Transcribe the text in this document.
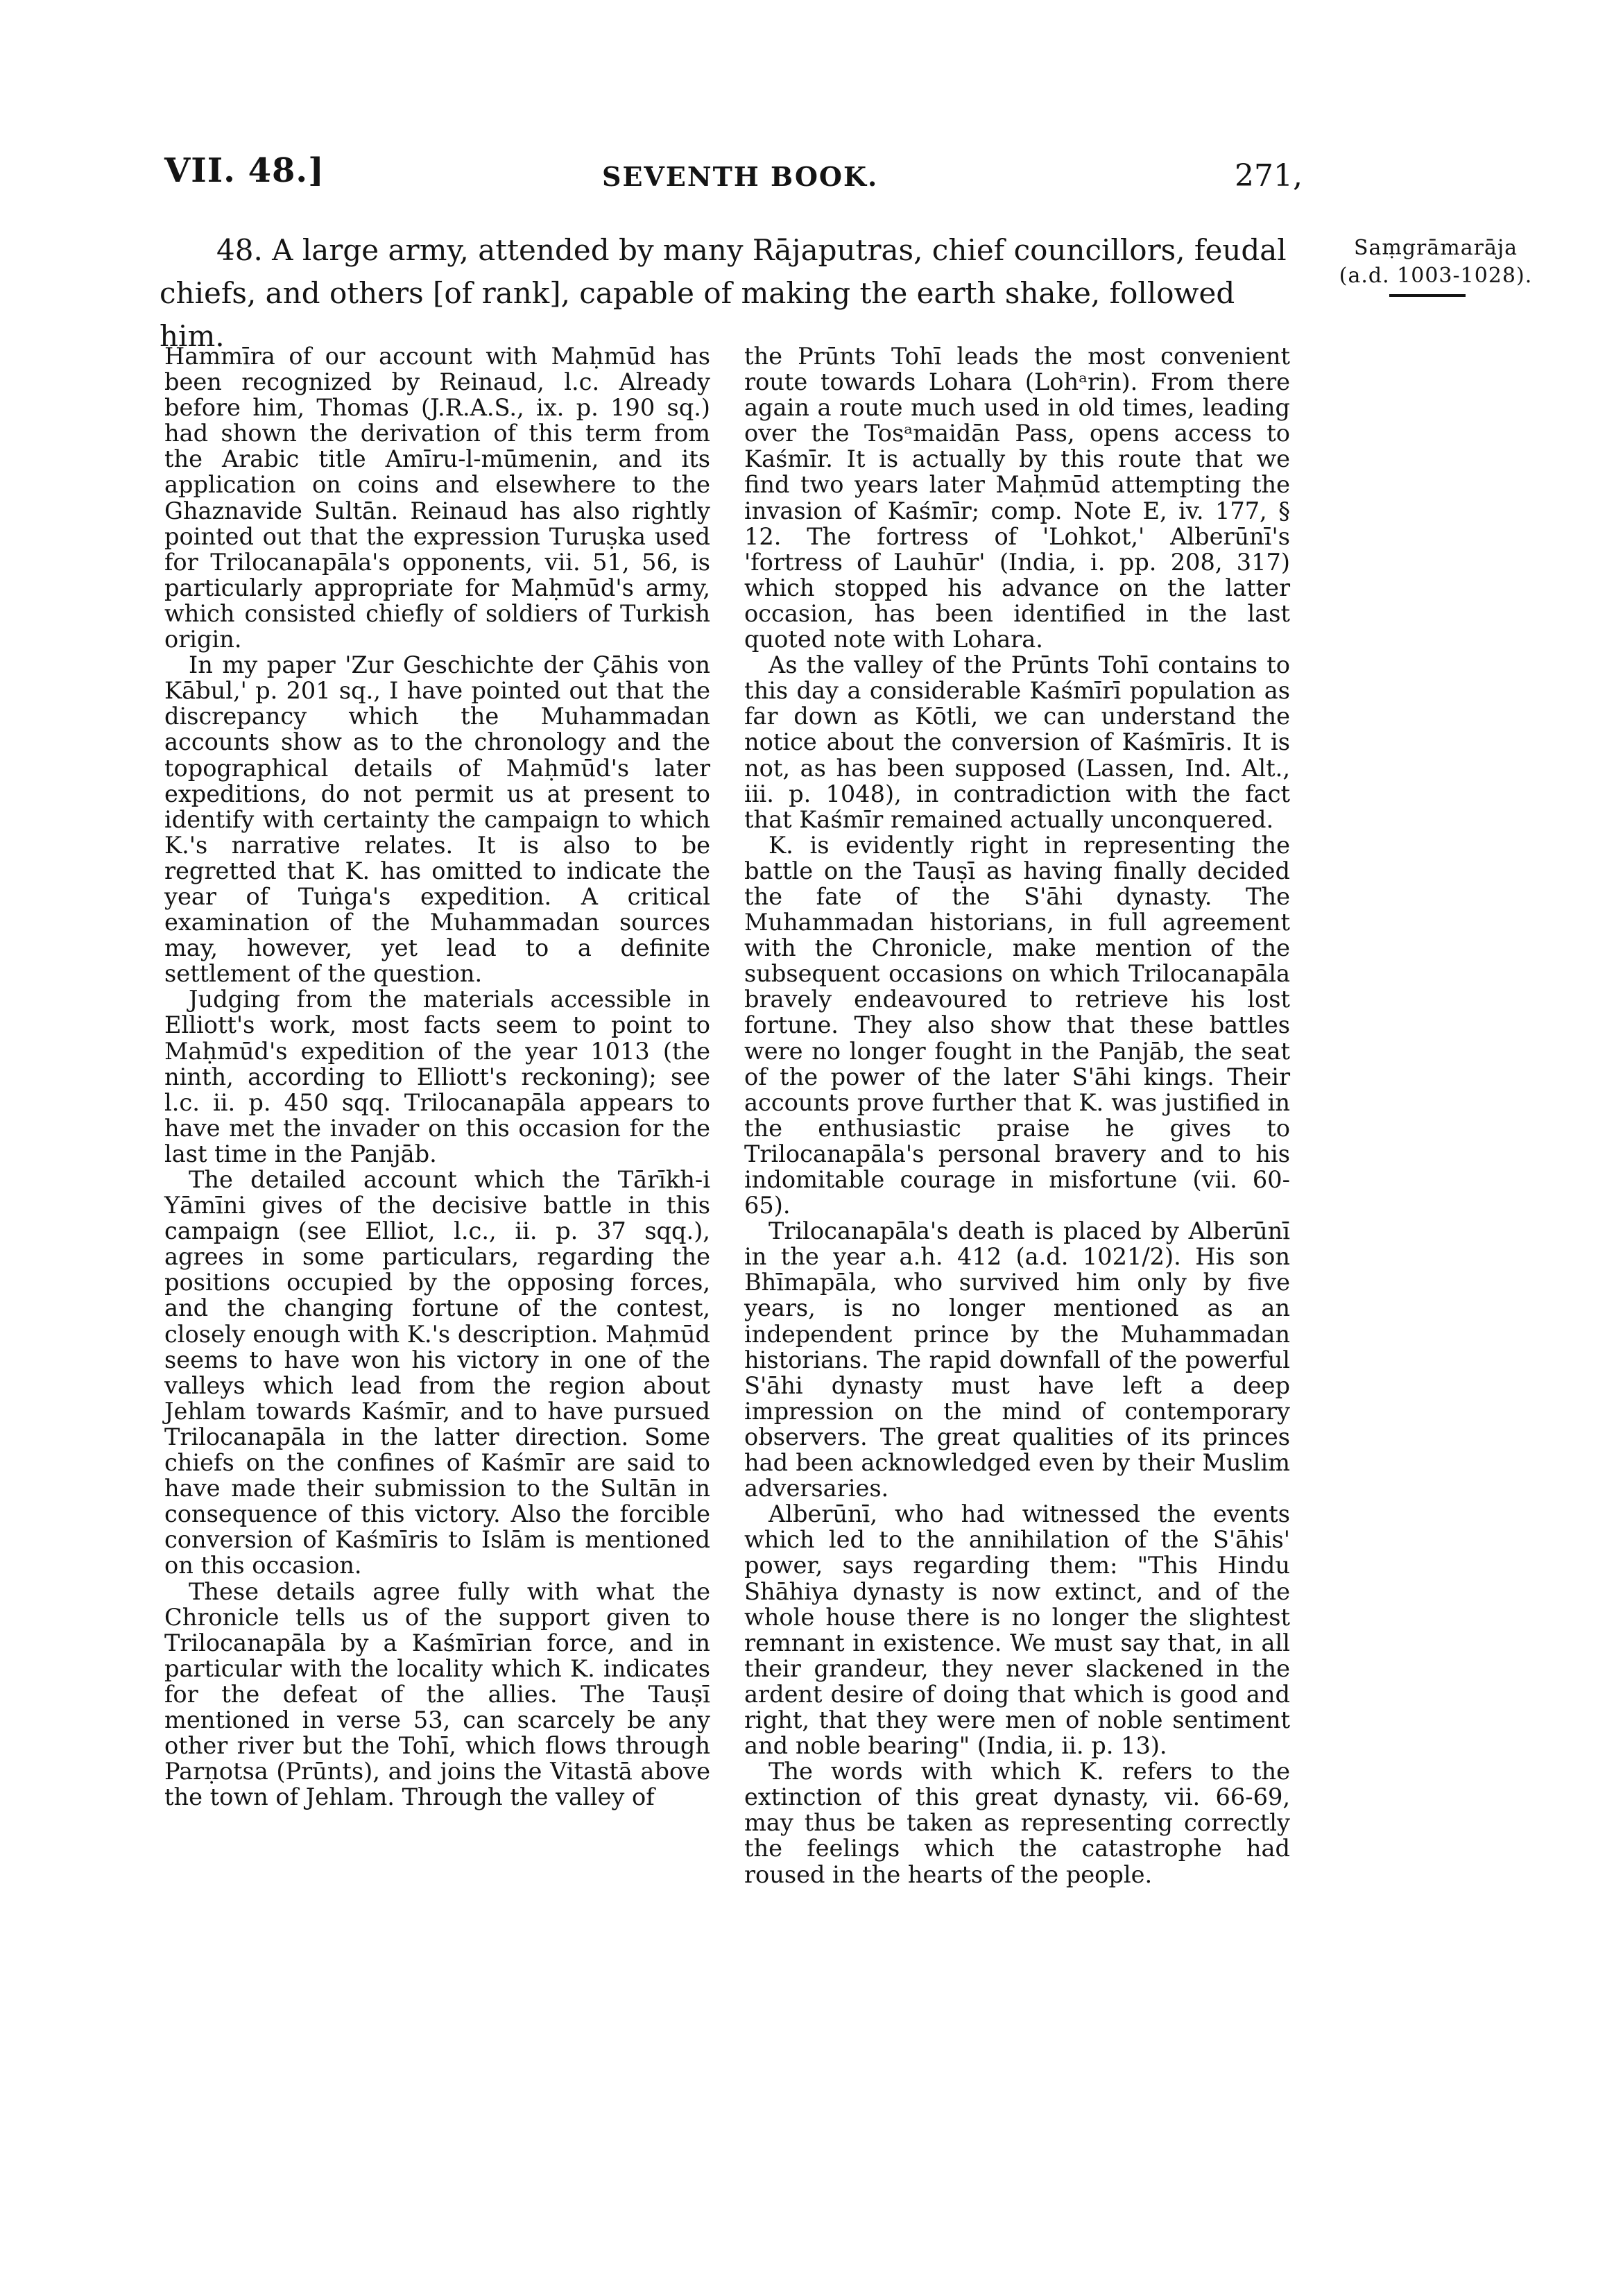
VII. 48.]	SEVENTH BOOK.	271,
48. A large army, attended by many Rājaputras, chief councillors, feudal chiefs, and others [of rank], capable of making the earth shake, followed him.
Saṃgrāmarāja
(a.d. 1003-1028).

Hammīra of our account with Maḥmūd has been recognized by Reinaud, l.c. Already before him, Thomas (J.R.A.S., ix. p. 190 sq.) had shown the derivation of this term from the Arabic title Amīru-l-mūmenin, and its application on coins and elsewhere to the Ghaznavide Sultān. Reinaud has also rightly pointed out that the expression Turuṣka used for Trilocanapāla's opponents, vii. 51, 56, is particularly appropriate for Maḥmūd's army, which consisted chiefly of soldiers of Turkish origin.

In my paper 'Zur Geschichte der Çāhis von Kābul,' p. 201 sq., I have pointed out that the discrepancy which the Muhammadan accounts show as to the chronology and the topographical details of Maḥmūd's later expeditions, do not permit us at present to identify with certainty the campaign to which K.'s narrative relates. It is also to be regretted that K. has omitted to indicate the year of Tuṅga's expedition. A critical examination of the Muhammadan sources may, however, yet lead to a definite settlement of the question.

Judging from the materials accessible in Elliott's work, most facts seem to point to Maḥmūd's expedition of the year 1013 (the ninth, according to Elliott's reckoning); see l.c. ii. p. 450 sqq. Trilocanapāla appears to have met the invader on this occasion for the last time in the Panjāb.

The detailed account which the Tārīkh-i Yāmīni gives of the decisive battle in this campaign (see Elliot, l.c., ii. p. 37 sqq.), agrees in some particulars, regarding the positions occupied by the opposing forces, and the changing fortune of the contest, closely enough with K.'s description. Maḥmūd seems to have won his victory in one of the valleys which lead from the region about Jehlam towards Kaśmīr, and to have pursued Trilocanapāla in the latter direction. Some chiefs on the confines of Kaśmīr are said to have made their submission to the Sultān in consequence of this victory. Also the forcible conversion of Kaśmīris to Islām is mentioned on this occasion.

These details agree fully with what the Chronicle tells us of the support given to Trilocanapāla by a Kaśmīrian force, and in particular with the locality which K. indicates for the defeat of the allies. The Tauṣī mentioned in verse 53, can scarcely be any other river but the Tohī, which flows through Parṇotsa (Prūnts), and joins the Vitastā above the town of Jehlam. Through the valley of

the Prūnts Tohī leads the most convenient route towards Lohara (Lohᵃrin). From there again a route much used in old times, leading over the Tosᵃmaidān Pass, opens access to Kaśmīr. It is actually by this route that we find two years later Maḥmūd attempting the invasion of Kaśmīr; comp. Note E, iv. 177, § 12. The fortress of 'Lohkot,' Alberūnī's 'fortress of Lauhūr' (India, i. pp. 208, 317) which stopped his advance on the latter occasion, has been identified in the last quoted note with Lohara.

As the valley of the Prūnts Tohī contains to this day a considerable Kaśmīrī population as far down as Kōtli, we can understand the notice about the conversion of Kaśmīris. It is not, as has been supposed (Lassen, Ind. Alt., iii. p. 1048), in contradiction with the fact that Kaśmīr remained actually unconquered.

K. is evidently right in representing the battle on the Tauṣī as having finally decided the fate of the S'āhi dynasty. The Muhammadan historians, in full agreement with the Chronicle, make mention of the subsequent occasions on which Trilocanapāla bravely endeavoured to retrieve his lost fortune. They also show that these battles were no longer fought in the Panjāb, the seat of the power of the later S'āhi kings. Their accounts prove further that K. was justified in the enthusiastic praise he gives to Trilocanapāla's personal bravery and to his indomitable courage in misfortune (vii. 60-65).

Trilocanapāla's death is placed by Alberūnī in the year a.h. 412 (a.d. 1021/2). His son Bhīmapāla, who survived him only by five years, is no longer mentioned as an independent prince by the Muhammadan historians. The rapid downfall of the powerful S'āhi dynasty must have left a deep impression on the mind of contemporary observers. The great qualities of its princes had been acknowledged even by their Muslim adversaries.

Alberūnī, who had witnessed the events which led to the annihilation of the S'āhis' power, says regarding them: "This Hindu Shāhiya dynasty is now extinct, and of the whole house there is no longer the slightest remnant in existence. We must say that, in all their grandeur, they never slackened in the ardent desire of doing that which is good and right, that they were men of noble sentiment and noble bearing" (India, ii. p. 13).

The words with which K. refers to the extinction of this great dynasty, vii. 66-69, may thus be taken as representing correctly the feelings which the catastrophe had roused in the hearts of the people.
